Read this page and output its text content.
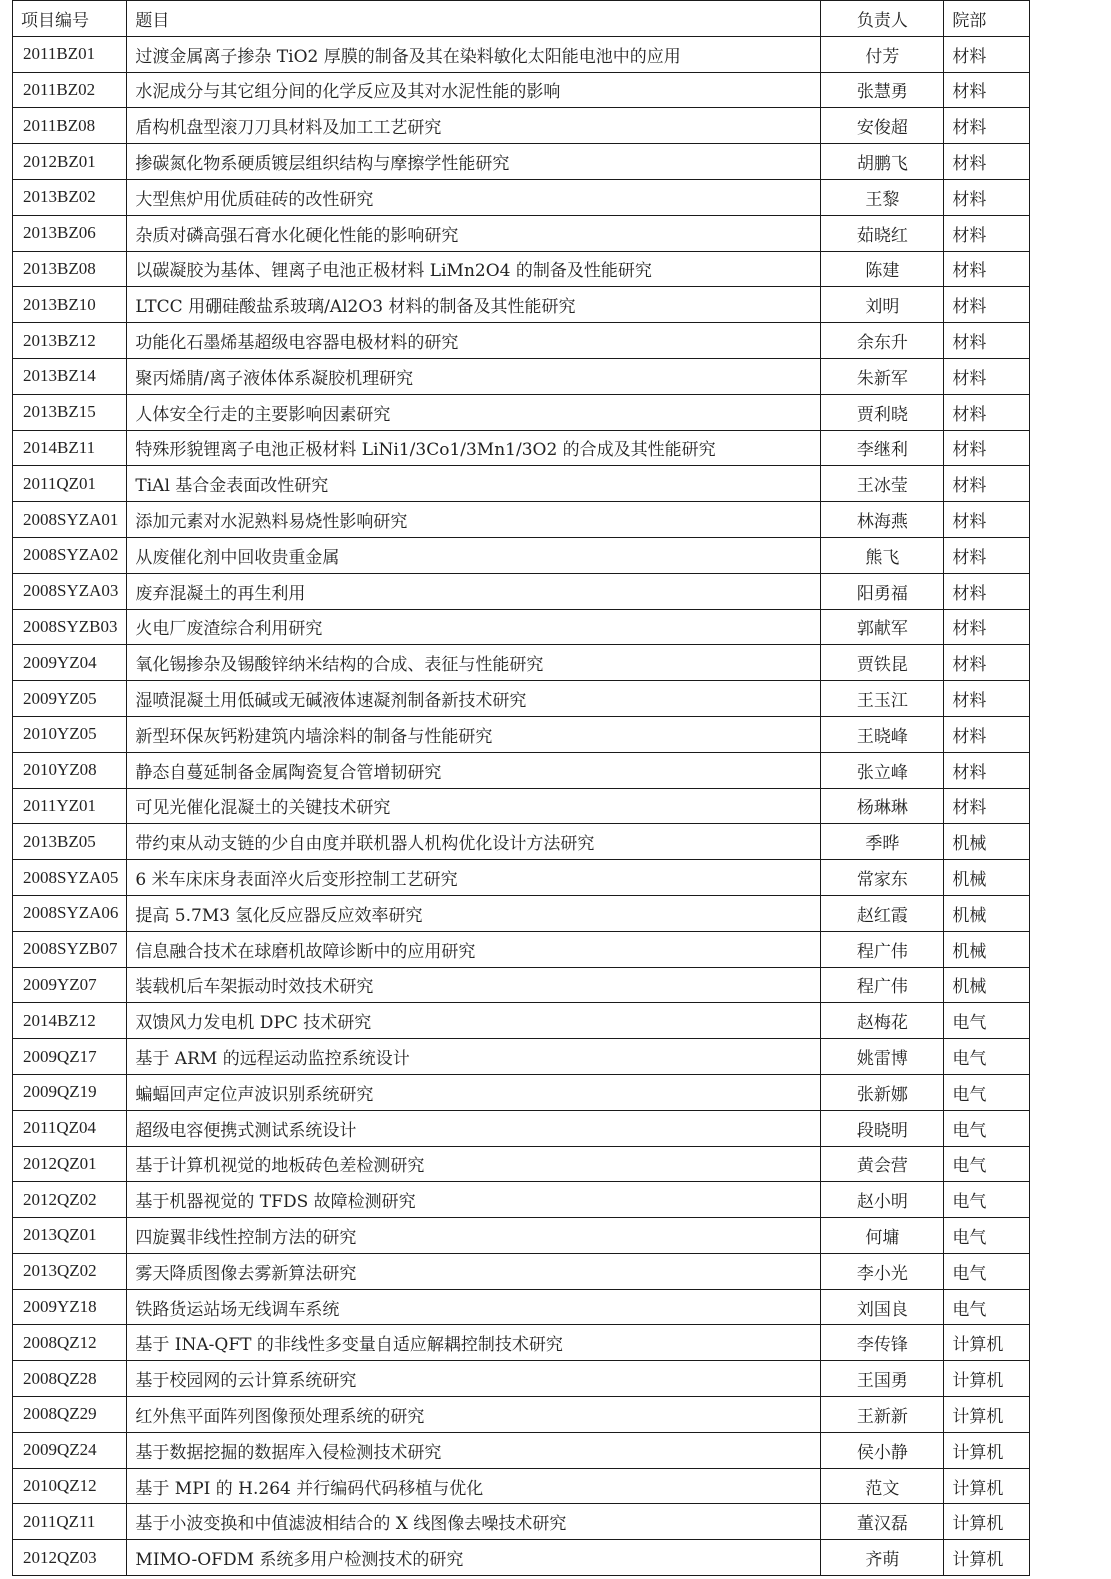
项目编号	题目	负责人	院部
2011BZ01	过渡金属离子掺杂 TiO2 厚膜的制备及其在染料敏化太阳能电池中的应用	付芳	材料
2011BZ02	水泥成分与其它组分间的化学反应及其对水泥性能的影响	张慧勇	材料
2011BZ08	盾构机盘型滚刀刀具材料及加工工艺研究	安俊超	材料
2012BZ01	掺碳氮化物系硬质镀层组织结构与摩擦学性能研究	胡鹏飞	材料
2013BZ02	大型焦炉用优质硅砖的改性研究	王黎	材料
2013BZ06	杂质对磷高强石膏水化硬化性能的影响研究	茹晓红	材料
2013BZ08	以碳凝胶为基体、锂离子电池正极材料 LiMn2O4 的制备及性能研究	陈建	材料
2013BZ10	LTCC 用硼硅酸盐系玻璃/Al2O3 材料的制备及其性能研究	刘明	材料
2013BZ12	功能化石墨烯基超级电容器电极材料的研究	余东升	材料
2013BZ14	聚丙烯腈/离子液体体系凝胶机理研究	朱新军	材料
2013BZ15	人体安全行走的主要影响因素研究	贾利晓	材料
2014BZ11	特殊形貌锂离子电池正极材料 LiNi1/3Co1/3Mn1/3O2 的合成及其性能研究	李继利	材料
2011QZ01	TiAl 基合金表面改性研究	王冰莹	材料
2008SYZA01	添加元素对水泥熟料易烧性影响研究	林海燕	材料
2008SYZA02	从废催化剂中回收贵重金属	熊飞	材料
2008SYZA03	废弃混凝土的再生利用	阳勇福	材料
2008SYZB03	火电厂废渣综合利用研究	郭献军	材料
2009YZ04	氧化锡掺杂及锡酸锌纳米结构的合成、表征与性能研究	贾铁昆	材料
2009YZ05	湿喷混凝土用低碱或无碱液体速凝剂制备新技术研究	王玉江	材料
2010YZ05	新型环保灰钙粉建筑内墙涂料的制备与性能研究	王晓峰	材料
2010YZ08	静态自蔓延制备金属陶瓷复合管增韧研究	张立峰	材料
2011YZ01	可见光催化混凝土的关键技术研究	杨琳琳	材料
2013BZ05	带约束从动支链的少自由度并联机器人机构优化设计方法研究	季晔	机械
2008SYZA05	6 米车床床身表面淬火后变形控制工艺研究	常家东	机械
2008SYZA06	提高 5.7M3 氢化反应器反应效率研究	赵红霞	机械
2008SYZB07	信息融合技术在球磨机故障诊断中的应用研究	程广伟	机械
2009YZ07	装载机后车架振动时效技术研究	程广伟	机械
2014BZ12	双馈风力发电机 DPC 技术研究	赵梅花	电气
2009QZ17	基于 ARM 的远程运动监控系统设计	姚雷博	电气
2009QZ19	蝙蝠回声定位声波识别系统研究	张新娜	电气
2011QZ04	超级电容便携式测试系统设计	段晓明	电气
2012QZ01	基于计算机视觉的地板砖色差检测研究	黄会营	电气
2012QZ02	基于机器视觉的 TFDS 故障检测研究	赵小明	电气
2013QZ01	四旋翼非线性控制方法的研究	何墉	电气
2013QZ02	雾天降质图像去雾新算法研究	李小光	电气
2009YZ18	铁路货运站场无线调车系统	刘国良	电气
2008QZ12	基于 INA-QFT 的非线性多变量自适应解耦控制技术研究	李传锋	计算机
2008QZ28	基于校园网的云计算系统研究	王国勇	计算机
2008QZ29	红外焦平面阵列图像预处理系统的研究	王新新	计算机
2009QZ24	基于数据挖掘的数据库入侵检测技术研究	侯小静	计算机
2010QZ12	基于 MPI 的 H.264 并行编码代码移植与优化	范文	计算机
2011QZ11	基于小波变换和中值滤波相结合的 X 线图像去噪技术研究	董汉磊	计算机
2012QZ03	MIMO-OFDM 系统多用户检测技术的研究	齐萌	计算机
